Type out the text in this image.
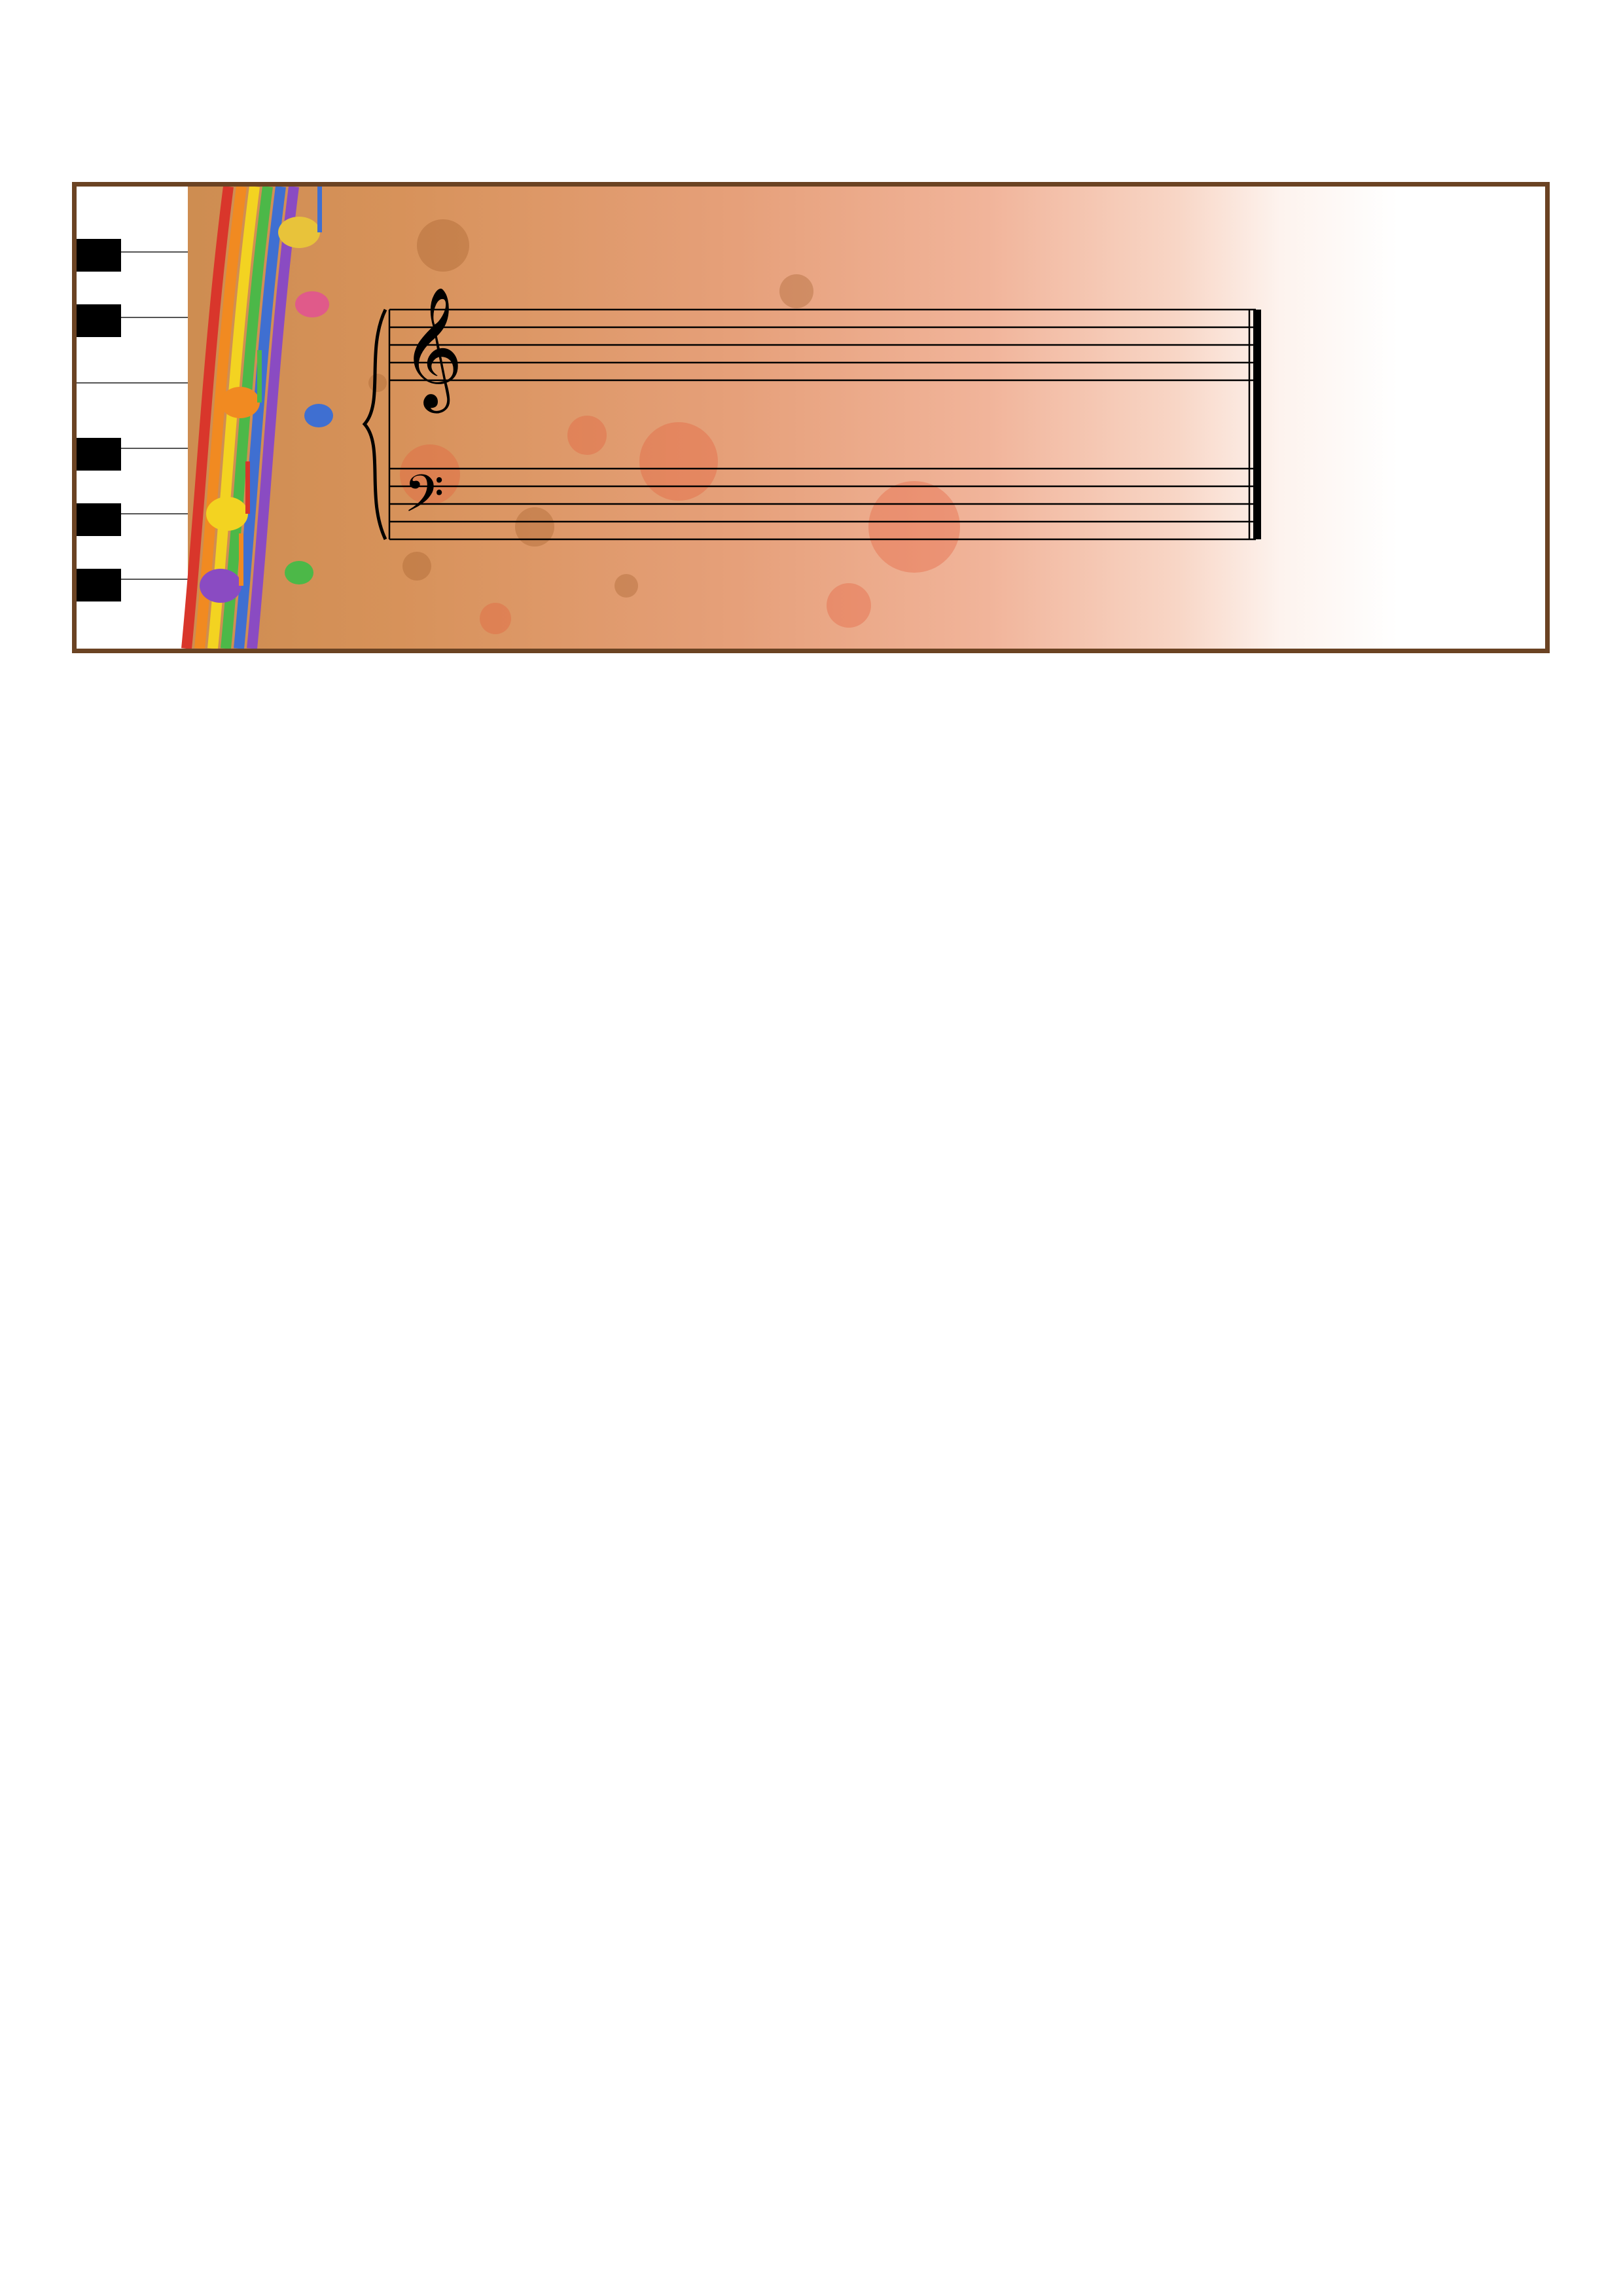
𝄞
𝄢
